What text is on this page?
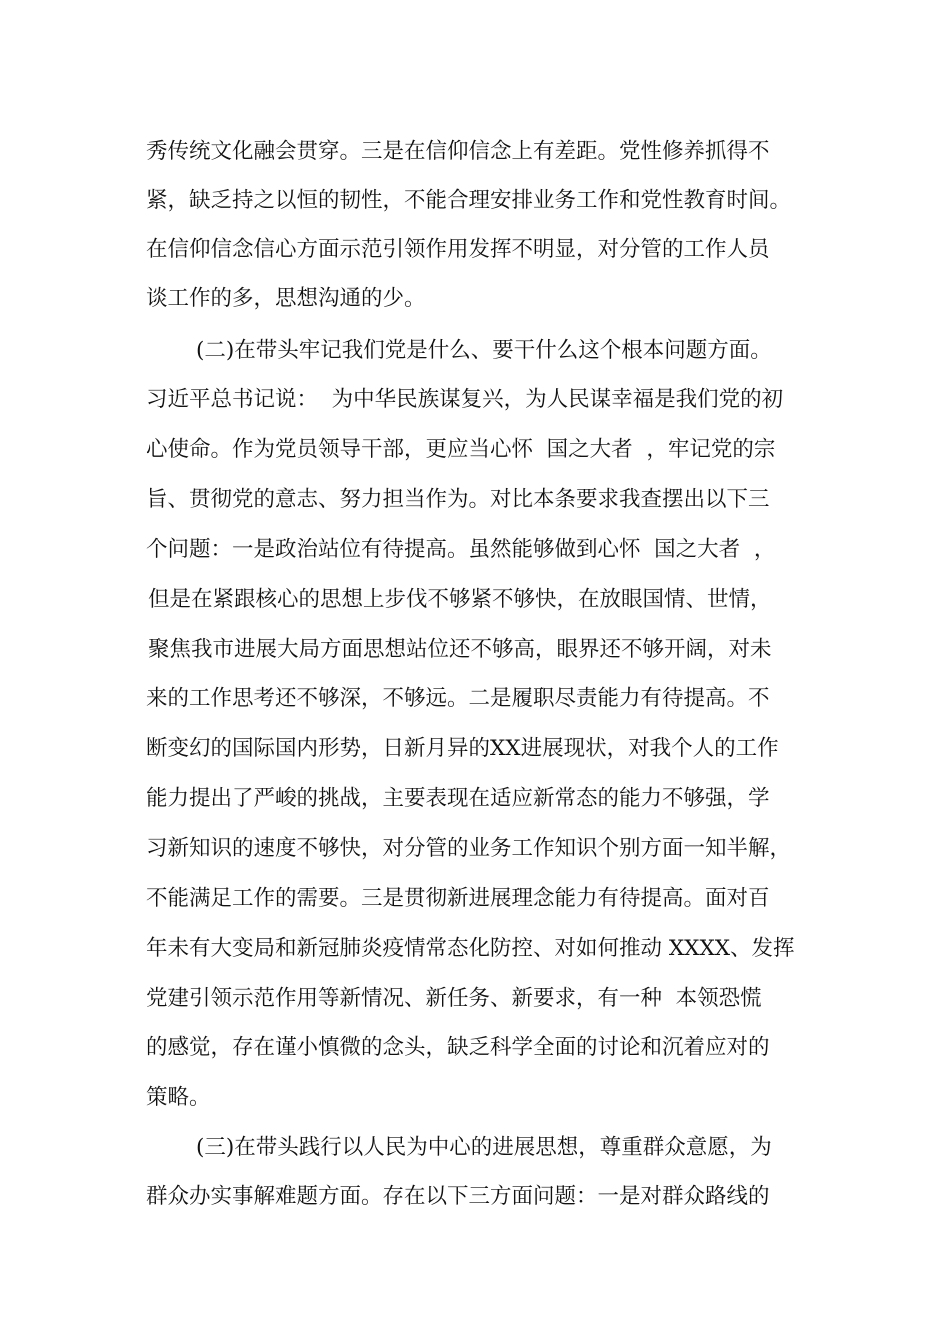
秀传统文化融会贯穿。三是在信仰信念上有差距。党性修养抓得不
紧，缺乏持之以恒的韧性，不能合理安排业务工作和党性教育时间。
在信仰信念信心方面示范引领作用发挥不明显，对分管的工作人员
谈工作的多，思想沟通的少。
(二)在带头牢记我们党是什么、要干什么这个根本问题方面。
习近平总书记说：  为中华民族谋复兴，为人民谋幸福是我们党的初
心使命。作为党员领导干部，更应当心怀  国之大者  ，牢记党的宗
旨、贯彻党的意志、努力担当作为。对比本条要求我查摆出以下三
个问题：一是政治站位有待提高。虽然能够做到心怀  国之大者  ，
但是在紧跟核心的思想上步伐不够紧不够快，在放眼国情、世情，
聚焦我市进展大局方面思想站位还不够高，眼界还不够开阔，对未
来的工作思考还不够深，不够远。二是履职尽责能力有待提高。不
断变幻的国际国内形势，日新月异的XX进展现状，对我个人的工作
能力提出了严峻的挑战，主要表现在适应新常态的能力不够强，学
习新知识的速度不够快，对分管的业务工作知识个别方面一知半解，
不能满足工作的需要。三是贯彻新进展理念能力有待提高。面对百
年未有大变局和新冠肺炎疫情常态化防控、对如何推动 XXXX、发挥
党建引领示范作用等新情况、新任务、新要求，有一种  本领恐慌
的感觉，存在谨小慎微的念头，缺乏科学全面的讨论和沉着应对的
策略。
(三)在带头践行以人民为中心的进展思想，尊重群众意愿，为
群众办实事解难题方面。存在以下三方面问题：一是对群众路线的
